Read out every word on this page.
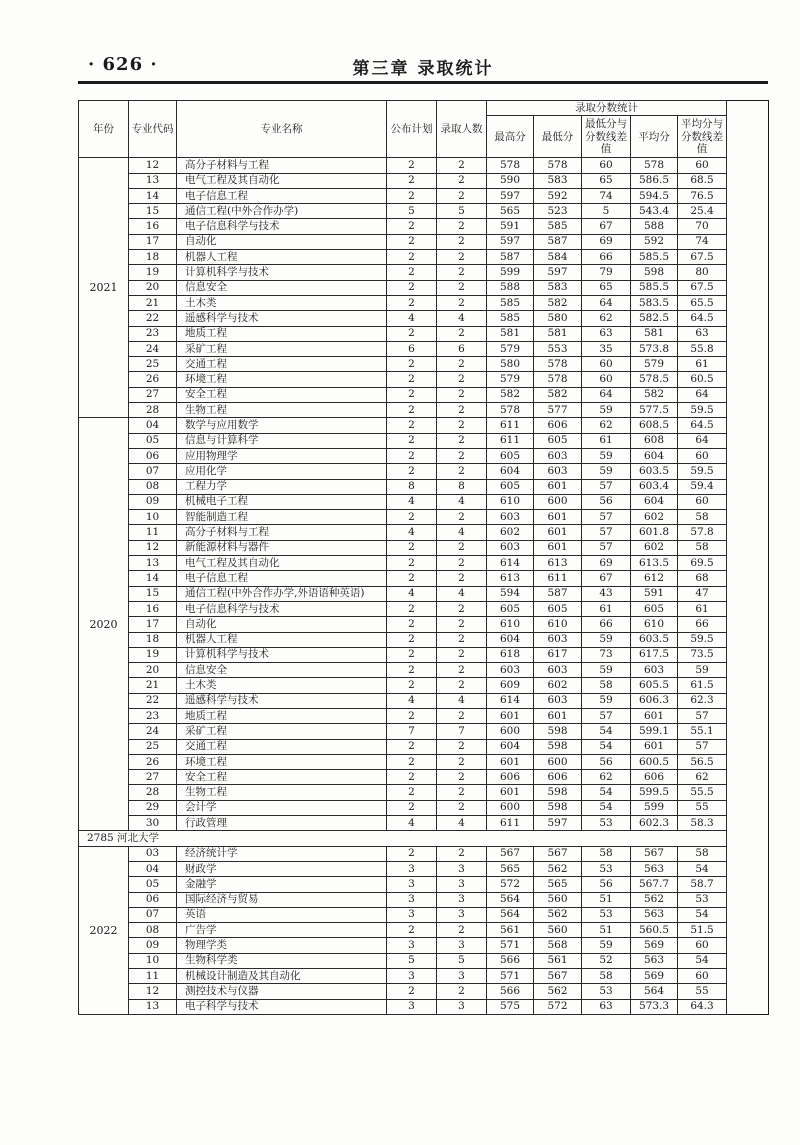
· 626 ·	第三章 录取统计
年份	专业代码	专业名称	公布计划	录取人数	录取分数统计					
					最高分	最低分	最低分与分数线差值	平均分	平均分与分数线差值	
2021	12	高分子材料与工程	2	2	578	578	60	578	60	
	13	电气工程及其自动化	2	2	590	583	65	586.5	68.5	
	14	电子信息工程	2	2	597	592	74	594.5	76.5	
	15	通信工程(中外合作办学)	5	5	565	523	5	543.4	25.4	
	16	电子信息科学与技术	2	2	591	585	67	588	70	
	17	自动化	2	2	597	587	69	592	74	
	18	机器人工程	2	2	587	584	66	585.5	67.5	
	19	计算机科学与技术	2	2	599	597	79	598	80	
	20	信息安全	2	2	588	583	65	585.5	67.5	
	21	土木类	2	2	585	582	64	583.5	65.5	
	22	遥感科学与技术	4	4	585	580	62	582.5	64.5	
	23	地质工程	2	2	581	581	63	581	63	
	24	采矿工程	6	6	579	553	35	573.8	55.8	
	25	交通工程	2	2	580	578	60	579	61	
	26	环境工程	2	2	579	578	60	578.5	60.5	
	27	安全工程	2	2	582	582	64	582	64	
	28	生物工程	2	2	578	577	59	577.5	59.5	
2020	04	数学与应用数学	2	2	611	606	62	608.5	64.5	
	05	信息与计算科学	2	2	611	605	61	608	64	
	06	应用物理学	2	2	605	603	59	604	60	
	07	应用化学	2	2	604	603	59	603.5	59.5	
	08	工程力学	8	8	605	601	57	603.4	59.4	
	09	机械电子工程	4	4	610	600	56	604	60	
	10	智能制造工程	2	2	603	601	57	602	58	
	11	高分子材料与工程	4	4	602	601	57	601.8	57.8	
	12	新能源材料与器件	2	2	603	601	57	602	58	
	13	电气工程及其自动化	2	2	614	613	69	613.5	69.5	
	14	电子信息工程	2	2	613	611	67	612	68	
	15	通信工程(中外合作办学,外语语种英语)	4	4	594	587	43	591	47	
	16	电子信息科学与技术	2	2	605	605	61	605	61	
	17	自动化	2	2	610	610	66	610	66	
	18	机器人工程	2	2	604	603	59	603.5	59.5	
	19	计算机科学与技术	2	2	618	617	73	617.5	73.5	
	20	信息安全	2	2	603	603	59	603	59	
	21	土木类	2	2	609	602	58	605.5	61.5	
	22	遥感科学与技术	4	4	614	603	59	606.3	62.3	
	23	地质工程	2	2	601	601	57	601	57	
	24	采矿工程	7	7	600	598	54	599.1	55.1	
	25	交通工程	2	2	604	598	54	601	57	
	26	环境工程	2	2	601	600	56	600.5	56.5	
	27	安全工程	2	2	606	606	62	606	62	
	28	生物工程	2	2	601	598	54	599.5	55.5	
	29	会计学	2	2	600	598	54	599	55	
	30	行政管理	4	4	611	597	53	602.3	58.3	
2785 河北大学										
2022	03	经济统计学	2	2	567	567	58	567	58	
	04	财政学	3	3	565	562	53	563	54	
	05	金融学	3	3	572	565	56	567.7	58.7	
	06	国际经济与贸易	3	3	564	560	51	562	53	
	07	英语	3	3	564	562	53	563	54	
	08	广告学	2	2	561	560	51	560.5	51.5	
	09	物理学类	3	3	571	568	59	569	60	
	10	生物科学类	5	5	566	561	52	563	54	
	11	机械设计制造及其自动化	3	3	571	567	58	569	60	
	12	测控技术与仪器	2	2	566	562	53	564	55	
	13	电子科学与技术	3	3	575	572	63	573.3	64.3	
